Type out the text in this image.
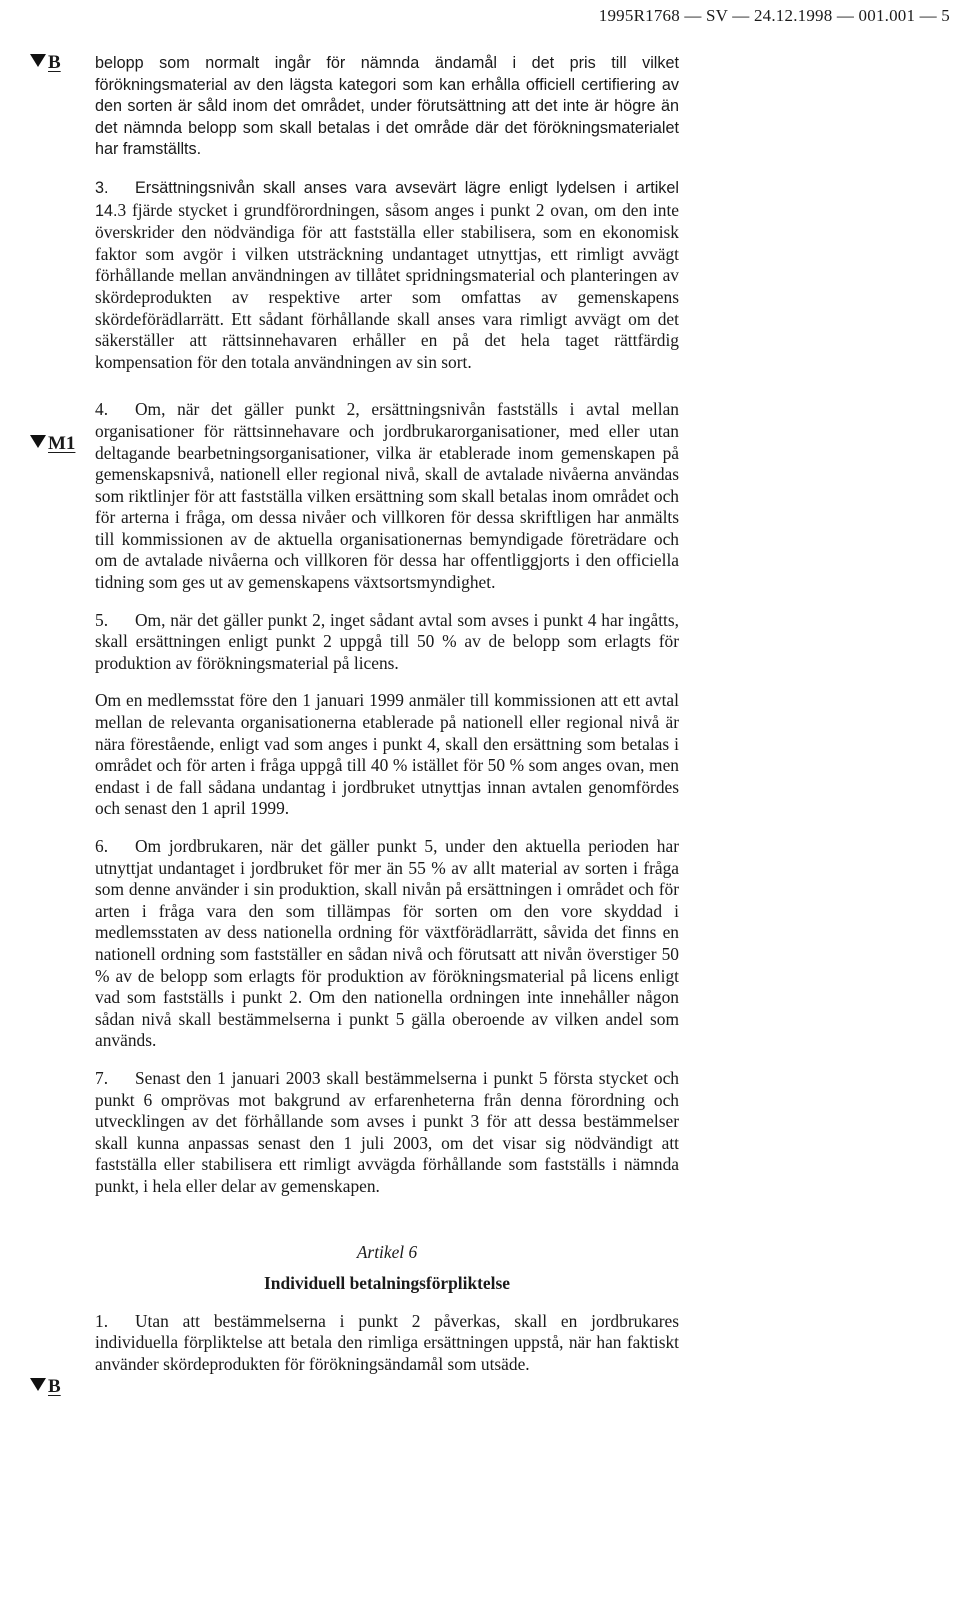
1995R1768 — SV — 24.12.1998 — 001.001 — 5
B
M1
B

belopp som normalt ingår för nämnda ändamål i det pris till vilket förökningsmaterial av den lägsta kategori som kan erhålla officiell certifiering av den sorten är såld inom det området, under förutsättning att det inte är högre än det nämnda belopp som skall betalas i det område där det förökningsmaterialet har framställts.

3. Ersättningsnivån skall anses vara avsevärt lägre enligt lydelsen i artikel 14.3 fjärde stycket i grundförordningen, såsom anges i punkt 2 ovan, om den inte överskrider den nödvändiga för att fastställa eller stabilisera, som en ekonomisk faktor som avgör i vilken utsträckning undantaget utnyttjas, ett rimligt avvägt förhållande mellan användningen av tillåtet spridningsmaterial och planteringen av skördeprodukten av respektive arter som omfattas av gemenskapens skördeförädlarrätt. Ett sådant förhållande skall anses vara rimligt avvägt om det säkerställer att rättsinnehavaren erhåller en på det hela taget rättfärdig kompensation för den totala användningen av sin sort.

4. Om, när det gäller punkt 2, ersättningsnivån fastställs i avtal mellan organisationer för rättsinnehavare och jordbrukarorganisationer, med eller utan deltagande bearbetningsorganisationer, vilka är etablerade inom gemenskapen på gemenskapsnivå, nationell eller regional nivå, skall de avtalade nivåerna användas som riktlinjer för att fastställa vilken ersättning som skall betalas inom området och för arterna i fråga, om dessa nivåer och villkoren för dessa skriftligen har anmälts till kommissionen av de aktuella organisationernas bemyndigade företrädare och om de avtalade nivåerna och villkoren för dessa har offentliggjorts i den officiella tidning som ges ut av gemenskapens växtsortsmyndighet.

5. Om, när det gäller punkt 2, inget sådant avtal som avses i punkt 4 har ingåtts, skall ersättningen enligt punkt 2 uppgå till 50 % av de belopp som erlagts för produktion av förökningsmaterial på licens.

Om en medlemsstat före den 1 januari 1999 anmäler till kommissionen att ett avtal mellan de relevanta organisationerna etablerade på nationell eller regional nivå är nära förestående, enligt vad som anges i punkt 4, skall den ersättning som betalas i området och för arten i fråga uppgå till 40 % istället för 50 % som anges ovan, men endast i de fall sådana undantag i jordbruket utnyttjas innan avtalen genomfördes och senast den 1 april 1999.

6. Om jordbrukaren, när det gäller punkt 5, under den aktuella perioden har utnyttjat undantaget i jordbruket för mer än 55 % av allt material av sorten i fråga som denne använder i sin produktion, skall nivån på ersättningen i området och för arten i fråga vara den som tillämpas för sorten om den vore skyddad i medlemsstaten av dess nationella ordning för växtförädlarrätt, såvida det finns en nationell ordning som fastställer en sådan nivå och förutsatt att nivån överstiger 50 % av de belopp som erlagts för produktion av förökningsmaterial på licens enligt vad som fastställs i punkt 2. Om den nationella ordningen inte innehåller någon sådan nivå skall bestämmelserna i punkt 5 gälla oberoende av vilken andel som används.

7. Senast den 1 januari 2003 skall bestämmelserna i punkt 5 första stycket och punkt 6 omprövas mot bakgrund av erfarenheterna från denna förordning och utvecklingen av det förhållande som avses i punkt 3 för att dessa bestämmelser skall kunna anpassas senast den 1 juli 2003, om det visar sig nödvändigt att fastställa eller stabilisera ett rimligt avvägda förhållande som fastställs i nämnda punkt, i hela eller delar av gemenskapen.

Artikel 6

Individuell betalningsförpliktelse

1. Utan att bestämmelserna i punkt 2 påverkas, skall en jordbrukares individuella förpliktelse att betala den rimliga ersättningen uppstå, när han faktiskt använder skördeprodukten för förökningsändamål som utsäde.
